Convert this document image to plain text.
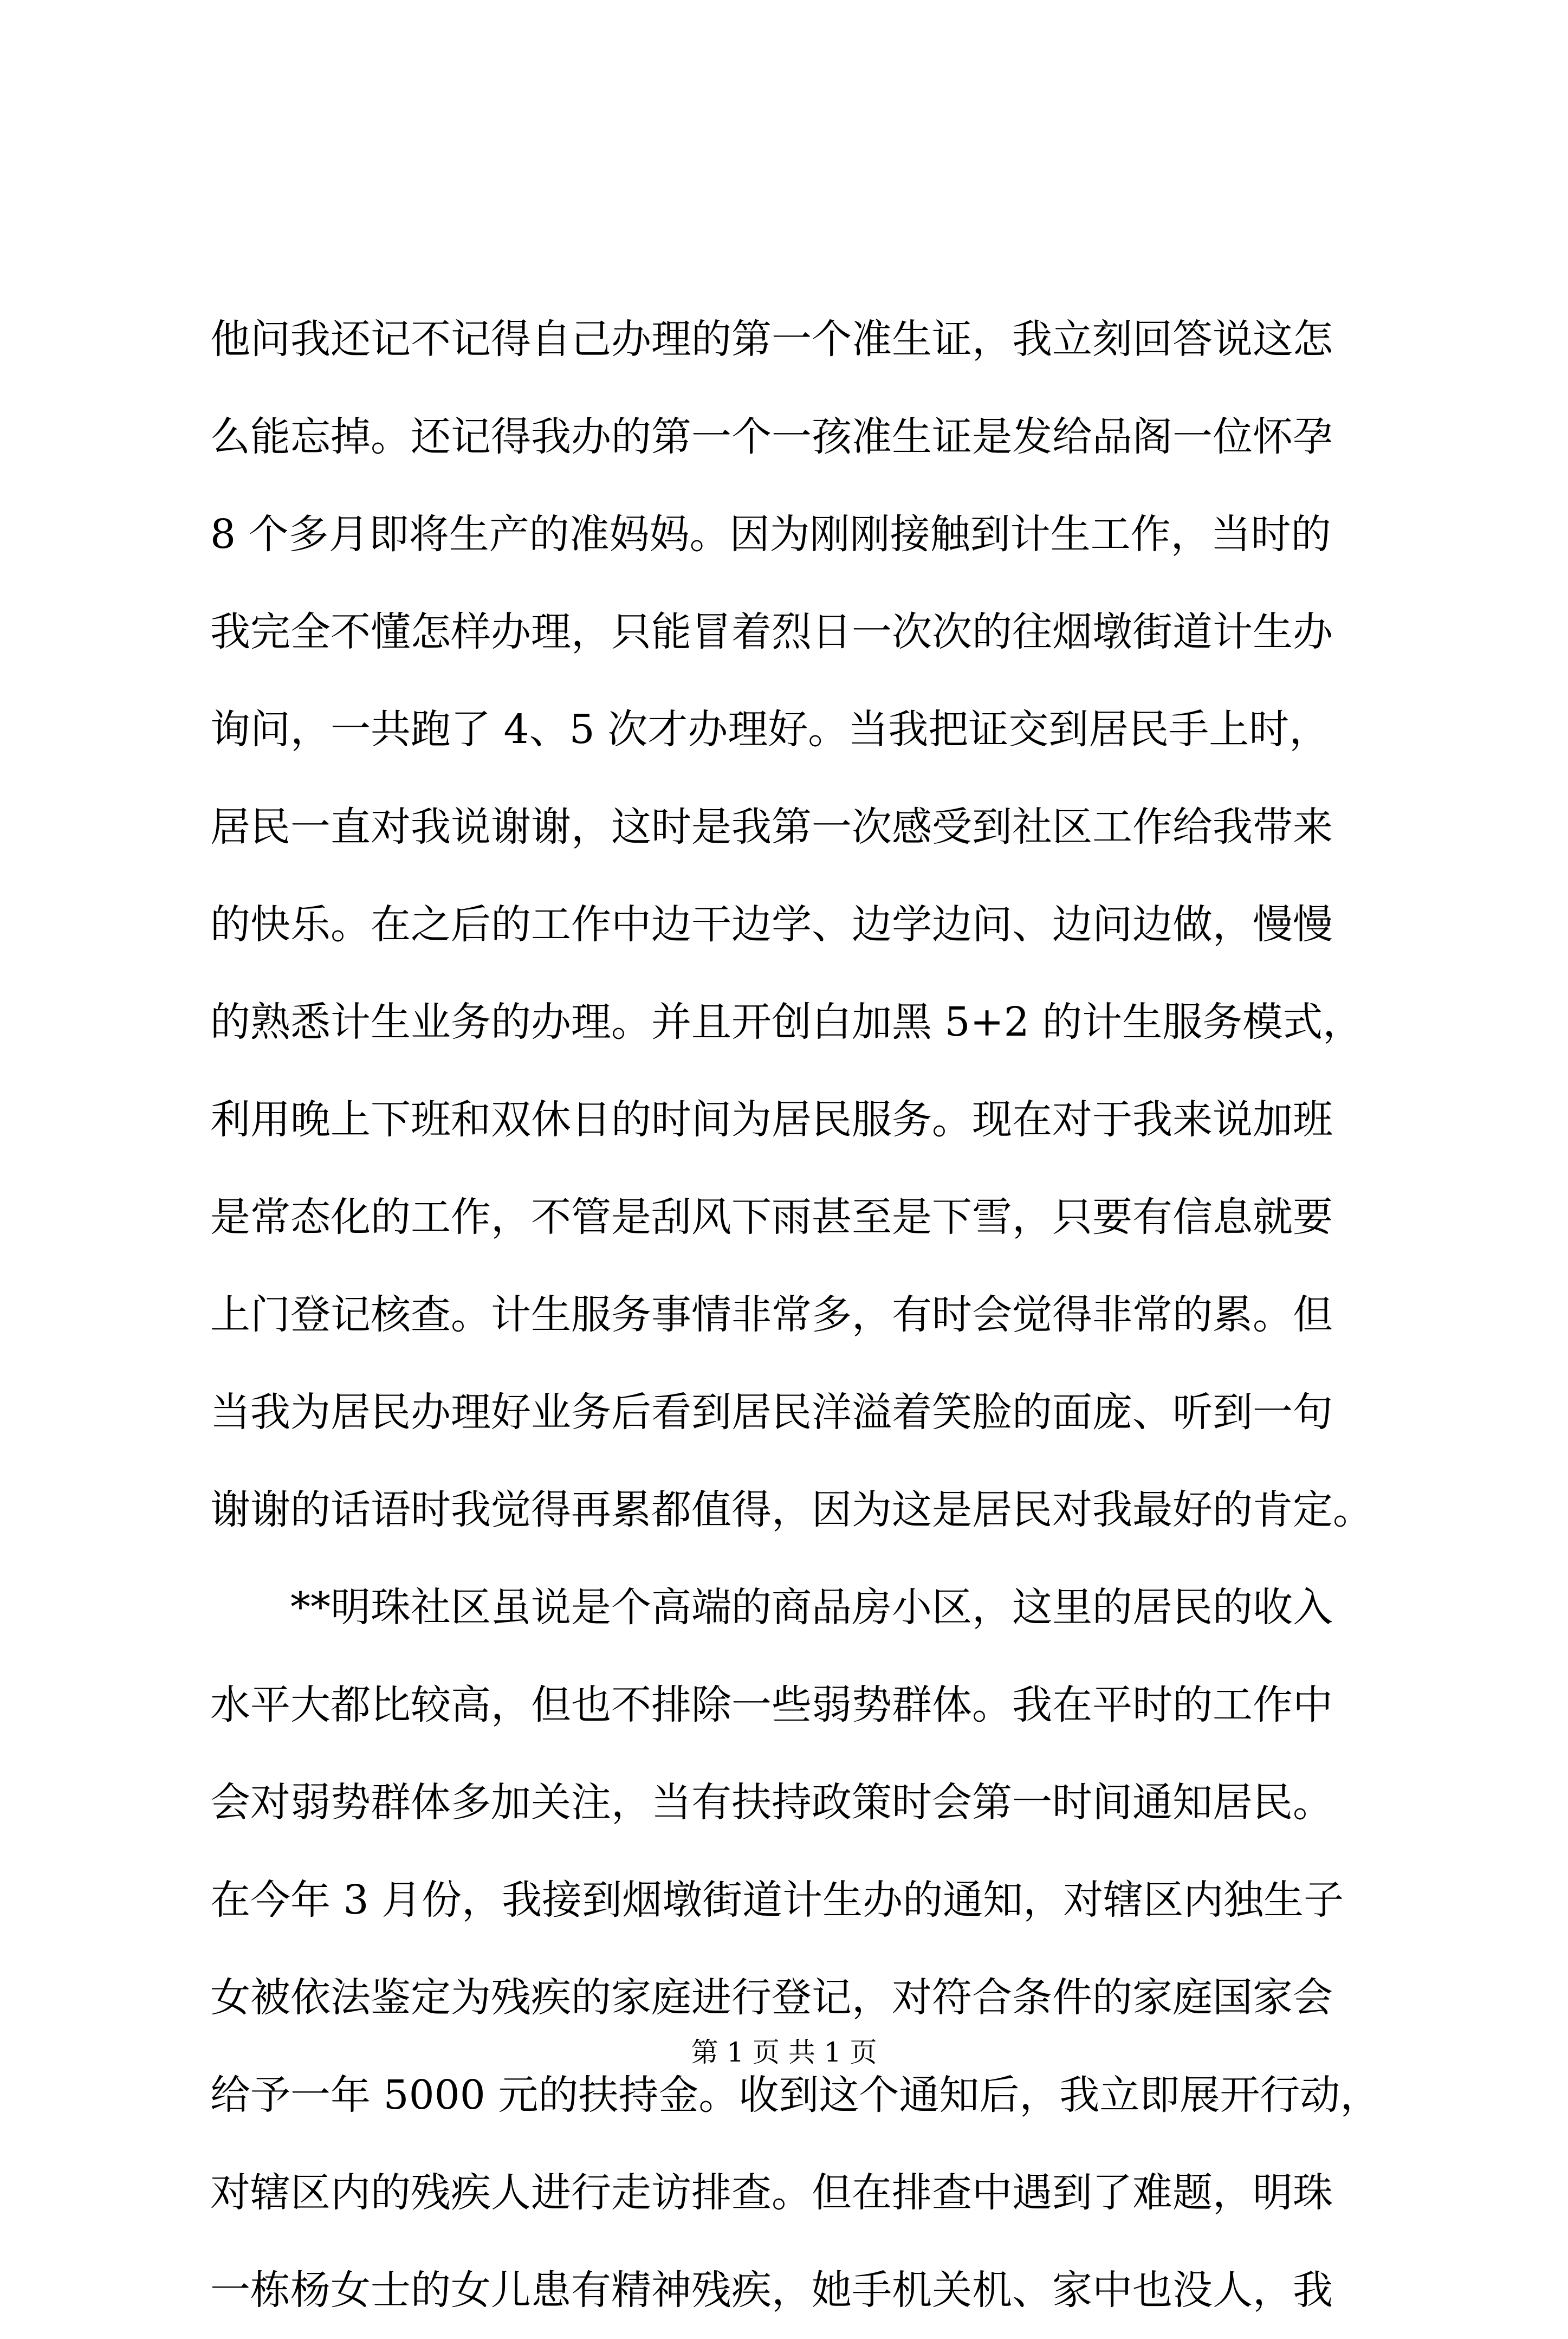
他问我还记不记得自己办理的第一个准生证，我立刻回答说这怎
么能忘掉。还记得我办的第一个一孩准生证是发给品阁一位怀孕
8 个多月即将生产的准妈妈。因为刚刚接触到计生工作，当时的
我完全不懂怎样办理，只能冒着烈日一次次的往烟墩街道计生办
询问，一共跑了 4、5 次才办理好。当我把证交到居民手上时，
居民一直对我说谢谢，这时是我第一次感受到社区工作给我带来
的快乐。在之后的工作中边干边学、边学边问、边问边做，慢慢
的熟悉计生业务的办理。并且开创白加黑 5+2 的计生服务模式，
利用晚上下班和双休日的时间为居民服务。现在对于我来说加班
是常态化的工作，不管是刮风下雨甚至是下雪，只要有信息就要
上门登记核查。计生服务事情非常多，有时会觉得非常的累。但
当我为居民办理好业务后看到居民洋溢着笑脸的面庞、听到一句
谢谢的话语时我觉得再累都值得，因为这是居民对我最好的肯定。
　　**明珠社区虽说是个高端的商品房小区，这里的居民的收入
水平大都比较高，但也不排除一些弱势群体。我在平时的工作中
会对弱势群体多加关注，当有扶持政策时会第一时间通知居民。
在今年 3 月份，我接到烟墩街道计生办的通知，对辖区内独生子
女被依法鉴定为残疾的家庭进行登记，对符合条件的家庭国家会
给予一年 5000 元的扶持金。收到这个通知后，我立即展开行动，
对辖区内的残疾人进行走访排查。但在排查中遇到了难题，明珠
一栋杨女士的女儿患有精神残疾，她手机关机、家中也没人，我
第 1 页 共 1 页
